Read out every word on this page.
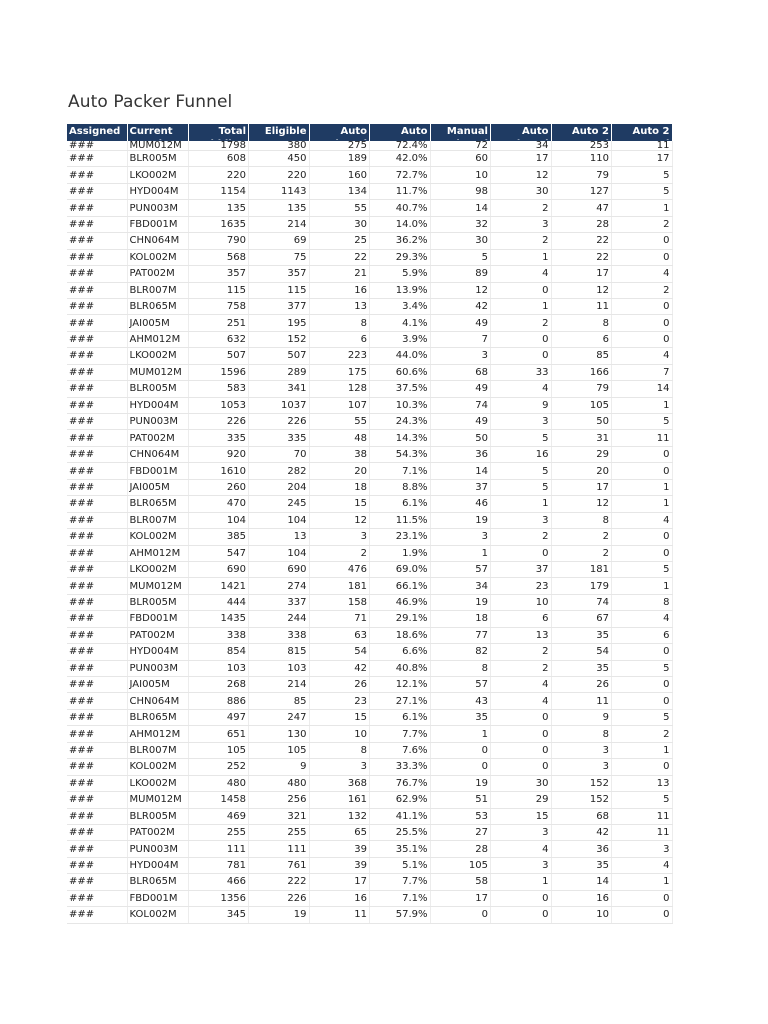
Auto Packer Funnel
Assigned	Current	Total	Eligible	Auto	Auto	Manual	Auto	Auto 2	Auto 2

###	MUM012M	1798	380	275	72.4%	72	34	253	11
###	BLR005M	608	450	189	42.0%	60	17	110	17
###	LKO002M	220	220	160	72.7%	10	12	79	5
###	HYD004M	1154	1143	134	11.7%	98	30	127	5
###	PUN003M	135	135	55	40.7%	14	2	47	1
###	FBD001M	1635	214	30	14.0%	32	3	28	2
###	CHN064M	790	69	25	36.2%	30	2	22	0
###	KOL002M	568	75	22	29.3%	5	1	22	0
###	PAT002M	357	357	21	5.9%	89	4	17	4
###	BLR007M	115	115	16	13.9%	12	0	12	2
###	BLR065M	758	377	13	3.4%	42	1	11	0
###	JAI005M	251	195	8	4.1%	49	2	8	0
###	AHM012M	632	152	6	3.9%	7	0	6	0
###	LKO002M	507	507	223	44.0%	3	0	85	4
###	MUM012M	1596	289	175	60.6%	68	33	166	7
###	BLR005M	583	341	128	37.5%	49	4	79	14
###	HYD004M	1053	1037	107	10.3%	74	9	105	1
###	PUN003M	226	226	55	24.3%	49	3	50	5
###	PAT002M	335	335	48	14.3%	50	5	31	11
###	CHN064M	920	70	38	54.3%	36	16	29	0
###	FBD001M	1610	282	20	7.1%	14	5	20	0
###	JAI005M	260	204	18	8.8%	37	5	17	1
###	BLR065M	470	245	15	6.1%	46	1	12	1
###	BLR007M	104	104	12	11.5%	19	3	8	4
###	KOL002M	385	13	3	23.1%	3	2	2	0
###	AHM012M	547	104	2	1.9%	1	0	2	0
###	LKO002M	690	690	476	69.0%	57	37	181	5
###	MUM012M	1421	274	181	66.1%	34	23	179	1
###	BLR005M	444	337	158	46.9%	19	10	74	8
###	FBD001M	1435	244	71	29.1%	18	6	67	4
###	PAT002M	338	338	63	18.6%	77	13	35	6
###	HYD004M	854	815	54	6.6%	82	2	54	0
###	PUN003M	103	103	42	40.8%	8	2	35	5
###	JAI005M	268	214	26	12.1%	57	4	26	0
###	CHN064M	886	85	23	27.1%	43	4	11	0
###	BLR065M	497	247	15	6.1%	35	0	9	5
###	AHM012M	651	130	10	7.7%	1	0	8	2
###	BLR007M	105	105	8	7.6%	0	0	3	1
###	KOL002M	252	9	3	33.3%	0	0	3	0
###	LKO002M	480	480	368	76.7%	19	30	152	13
###	MUM012M	1458	256	161	62.9%	51	29	152	5
###	BLR005M	469	321	132	41.1%	53	15	68	11
###	PAT002M	255	255	65	25.5%	27	3	42	11
###	PUN003M	111	111	39	35.1%	28	4	36	3
###	HYD004M	781	761	39	5.1%	105	3	35	4
###	BLR065M	466	222	17	7.7%	58	1	14	1
###	FBD001M	1356	226	16	7.1%	17	0	16	0
###	KOL002M	345	19	11	57.9%	0	0	10	0
